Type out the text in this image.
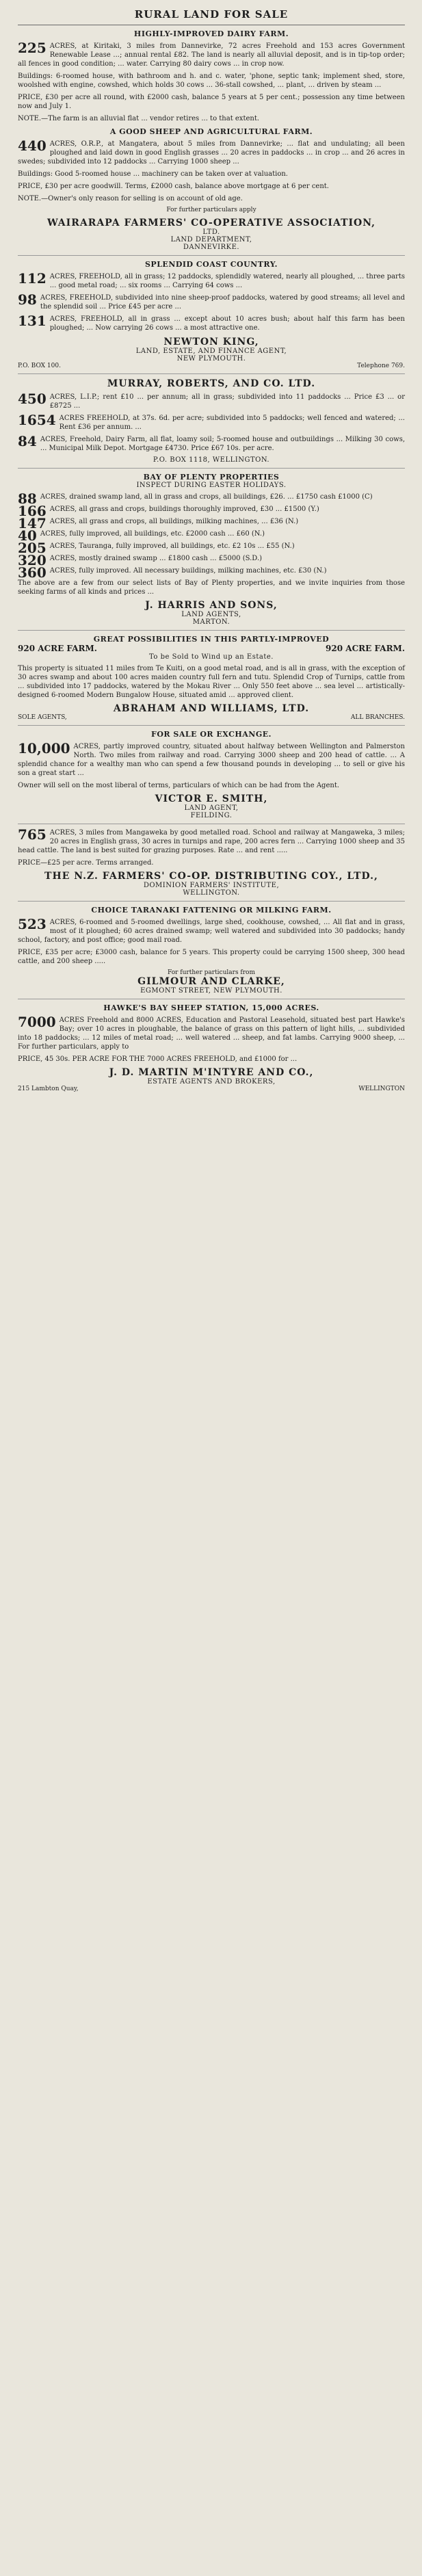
RURAL LAND FOR SALE
HIGHLY-IMPROVED DAIRY FARM.
225 ACRES, at Kiritaki, 3 miles from Dannevirke, 72 acres Freehold and 153 acres Government Renewable Lease ...; annual rental £82. The land is nearly all alluvial deposit, and is in tip-top order; all fences in good condition; ... water. Carrying 80 dairy cows ... in crop now.
Buildings: 6-roomed house, with bathroom and h. and c. water, 'phone, septic tank; implement shed, store, woolshed with engine, cowshed, which holds 30 cows ... 36-stall cowshed, ... plant, ... driven by steam ...
PRICE, £30 per acre all round, with £2000 cash, balance 5 years at 5 per cent.; possession any time between now and July 1.
NOTE.—The farm is an alluvial flat ... vendor retires ... to that extent.
A GOOD SHEEP AND AGRICULTURAL FARM.
440 ACRES, O.R.P., at Mangatera, about 5 miles from Dannevirke; ... flat and undulating; all been ploughed and laid down in good English grasses ... 20 acres in paddocks ... in crop ... and 26 acres in swedes; subdivided into 12 paddocks ... Carrying 1000 sheep ...
Buildings: Good 5-roomed house ... machinery can be taken over at valuation.
PRICE, £30 per acre goodwill. Terms, £2000 cash, balance above mortgage at 6 per cent.
NOTE.—Owner's only reason for selling is on account of old age.
For further particulars apply
WAIRARAPA FARMERS' CO-OPERATIVE ASSOCIATION,
LTD.
LAND DEPARTMENT,
DANNEVIRKE.
SPLENDID COAST COUNTRY.
112 ACRES, FREEHOLD, all in grass; 12 paddocks, splendidly watered, nearly all ploughed, ... three parts ... good metal road; ... six rooms ... Carrying 64 cows ...
98 ACRES, FREEHOLD, subdivided into nine sheep-proof paddocks, watered by good streams; all level and the splendid soil ... Price £45 per acre ...
131 ACRES, FREEHOLD, all in grass ... except about 10 acres bush; about half this farm has been ploughed; ... Now carrying 26 cows ... a most attractive one.
NEWTON KING,
LAND, ESTATE, AND FINANCE AGENT,
NEW PLYMOUTH.
P.O. BOX 100.	Telephone 769.
MURRAY, ROBERTS, AND CO. LTD.
450 ACRES, L.I.P.; rent £10 ... per annum; all in grass; subdivided into 11 paddocks ... Price £3 ... or £8725 ...
1654 ACRES FREEHOLD, at 37s. 6d. per acre; subdivided into 5 paddocks; well fenced and watered; ... Rent £36 per annum. ...
84 ACRES, Freehold, Dairy Farm, all flat, loamy soil; 5-roomed house and outbuildings ... Milking 30 cows, ... Municipal Milk Depot. Mortgage £4730. Price £67 10s. per acre.
P.O. BOX 1118, WELLINGTON.
BAY OF PLENTY PROPERTIES
INSPECT DURING EASTER HOLIDAYS.
88 ACRES, drained swamp land, all in grass and crops, all buildings, £26. ... £1750 cash £1000 (C)
166 ACRES, all grass and crops, buildings thoroughly improved, £30 ... £1500 (Y.)
147 ACRES, all grass and crops, all buildings, milking machines, ... £36 (N.)
40 ACRES, fully improved, all buildings, etc. £2000 cash ... £60 (N.)
205 ACRES, Tauranga, fully improved, all buildings, etc. £2 10s ... £55 (N.)
320 ACRES, mostly drained swamp ... £1800 cash ... £5000 (S.D.)
360 ACRES, fully improved. All necessary buildings, milking machines, etc. £30 (N.)
The above are a few from our select lists of Bay of Plenty properties, and we invite inquiries from those seeking farms of all kinds and prices ...
J. HARRIS AND SONS,
LAND AGENTS,
MARTON.
GREAT POSSIBILITIES IN THIS PARTLY-IMPROVED
920 ACRE FARM.	920 ACRE FARM.
To be Sold to Wind up an Estate.
This property is situated 11 miles from Te Kuiti, on a good metal road, and is all in grass, with the exception of 30 acres swamp and about 100 acres maiden country full fern and tutu. Splendid Crop of Turnips, cattle from ... subdivided into 17 paddocks, watered by the Mokau River ... Only 550 feet above ... sea level ... artistically-designed 6-roomed Modern Bungalow House, situated amid ... approved client.
ABRAHAM AND WILLIAMS, LTD.
SOLE AGENTS,	ALL BRANCHES.
FOR SALE OR EXCHANGE.
10,000 ACRES, partly improved country, situated about halfway between Wellington and Palmerston North. Two miles from railway and road. Carrying 3000 sheep and 200 head of cattle. ... A splendid chance for a wealthy man who can spend a few thousand pounds in developing ... to sell or give his son a great start ...
Owner will sell on the most liberal of terms, particulars of which can be had from the Agent.
VICTOR E. SMITH,
LAND AGENT,
FEILDING.
765 ACRES, 3 miles from Mangaweka by good metalled road. School and railway at Mangaweka, 3 miles; 20 acres in English grass, 30 acres in turnips and rape, 200 acres fern ... Carrying 1000 sheep and 35 head cattle. The land is best suited for grazing purposes. Rate ... and rent .....
PRICE—£25 per acre. Terms arranged.
THE N.Z. FARMERS' CO-OP. DISTRIBUTING COY., LTD.,
DOMINION FARMERS' INSTITUTE,
WELLINGTON.
CHOICE TARANAKI FATTENING OR MILKING FARM.
523 ACRES, 6-roomed and 5-roomed dwellings, large shed, cookhouse, cowshed, ... All flat and in grass, most of it ploughed; 60 acres drained swamp; well watered and subdivided into 30 paddocks; handy school, factory, and post office; good mail road.
PRICE, £35 per acre; £3000 cash, balance for 5 years. This property could be carrying 1500 sheep, 300 head cattle, and 200 sheep .....
For further particulars from
GILMOUR AND CLARKE,
EGMONT STREET, NEW PLYMOUTH.
HAWKE'S BAY SHEEP STATION, 15,000 ACRES.
7000 ACRES Freehold and 8000 ACRES, Education and Pastoral Leasehold, situated best part Hawke's Bay; over 10 acres in ploughable, the balance of grass on this pattern of light hills, ... subdivided into 18 paddocks; ... 12 miles of metal road; ... well watered ... sheep, and fat lambs. Carrying 9000 sheep, ... For further particulars, apply to
PRICE, 45 30s. PER ACRE FOR THE 7000 ACRES FREEHOLD, and £1000 for ...
J. D. MARTIN M'INTYRE AND CO.,
ESTATE AGENTS AND BROKERS,
215 Lambton Quay,	WELLINGTON
